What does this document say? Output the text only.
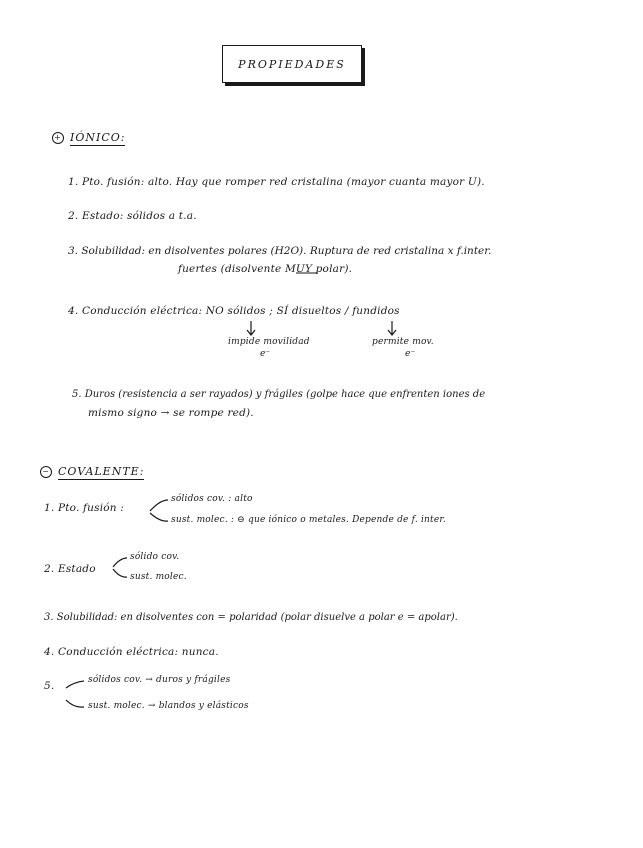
PROPIEDADES
+ IÓNICO:
1. Pto. fusión: alto. Hay que romper red cristalina (mayor cuanta mayor U).
2. Estado: sólidos a t.a.
3. Solubilidad: en disolventes polares (H2O). Ruptura de red cristalina x f.inter.
fuertes (disolvente MUY polar).
4. Conducción eléctrica: NO sólidos ; SÍ disueltos / fundidos
impide movilidad
e⁻
permite mov.
e⁻
5. Duros (resistencia a ser rayados) y frágiles (golpe hace que enfrenten iones de
mismo signo → se rompe red).
− COVALENTE:
1. Pto. fusión :
sólidos cov. : alto
sust. molec. : ⊖ que iónico o metales. Depende de f. inter.
2. Estado
sólido cov.
sust. molec.
3. Solubilidad: en disolventes con = polaridad (polar disuelve a polar e = apolar).
4. Conducción eléctrica: nunca.
5.	sólidos cov. → duros y frágiles
sust. molec. → blandos y elásticos
